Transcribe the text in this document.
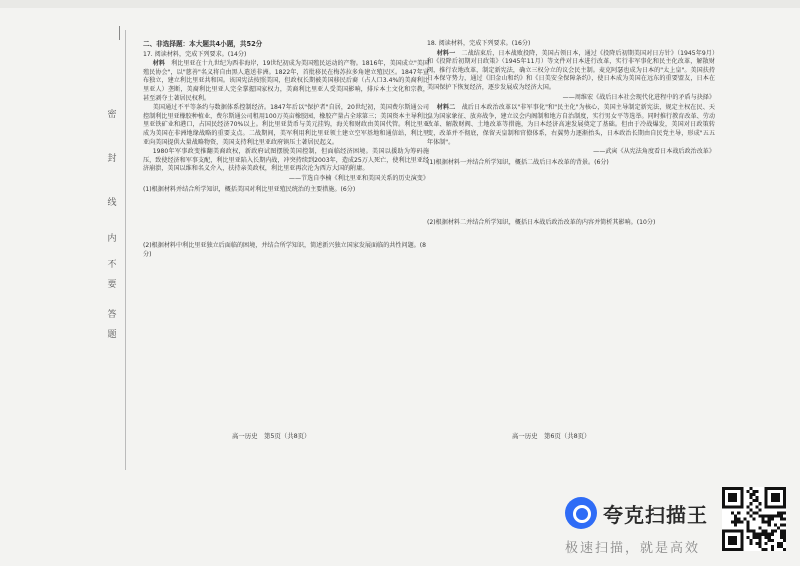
密
封
线
内
不
要
答
题
二、非选择题：本大题共4小题，共52分
17. 阅读材料，完成下列要求。(14分)

材料　 利比里亚在十九世纪为西非海岸，19世纪初成为美国殖民运动的产物。1816年，美国成立"美国殖民协会"，以"慈善"名义将自由黑人遣送非洲。1822年，首批移民在梅苏拉多角建立殖民区。1847年宣布独立，建立利比里亚共和国。该国宪法按照美国，但政权长期被美国移民后裔（占人口3.4%的美裔利比里亚人）垄断，美裔利比里亚人完全掌握国家权力，美裔利比里亚人受美国影响，排斥本土文化和宗教，甚至剥夺土著居民权利。

美国通过不平等条约与数据体系控制经济。1847年后以"保护者"自居，20世纪初，美国费尔斯通公司控制利比里亚橡胶种植业，费尔斯通公司租用100万英亩橡胶园，橡胶产量占全球第三；美国资本主导利比里亚铁矿业和港口，占国民经济70%以上。利比里亚货币与美元挂钩，海关和财政由美国代管。利比里亚成为美国在非洲地缘战略的重要支点。二战期间，美军利用利比里亚领土建立空军基地和通信站，利比里亚向美国提供大量战略物资，美国支持利比里亚政府镇压土著居民起义。

1980年军事政变推翻美裔政权，新政府试图摆脱美国控制，但面临经济困境。美国以援助为筹码施压，致使经济和军事支配，利比里亚陷入长期内战，冲突持续到2003年，造成25万人死亡，使利比里亚经济崩溃，美国以维和名义介入，扶持亲美政权，利比里亚再次沦为西方大国的附庸。

——节选自李楠《利比里亚和美国关系的历史演变》
(1)根据材料并结合所学知识，概括美国对利比里亚殖民统治的主要措施。(6分)
(2)根据材料中利比里亚独立后面临的困境，并结合所学知识，简述新兴独立国家发展面临的共性问题。(8分)
18. 阅读材料，完成下列要求。(16分)

材料一　 二战结束后，日本战败投降，美国占领日本，通过《投降后初期美国对日方针》（1945年9月）和《投降后初期对日政策》（1945年11月）等文件对日本进行改革，实行非军事化和民主化改革，解散财阀，推行农地改革，制定新宪法，确立三权分立的议会民主制。麦克阿瑟也成为日本的"太上皇"。美国扶持日本保守势力，通过《旧金山和约》和《日美安全保障条约》，使日本成为美国在远东的重要盟友，日本在美国保护下恢复经济，逐步发展成为经济大国。

——周维宏《战后日本社会现代化进程中的矛盾与抉择》

材料二　 战后日本政治改革以"非军事化"和"民主化"为核心，美国主导制定新宪法，规定主权在民、天皇为国家象征、放弃战争，建立议会内阁制和地方自治制度，实行男女平等选举。同时推行教育改革、劳动改革、解散财阀、土地改革等措施，为日本经济高速发展奠定了基础。但由于冷战爆发，美国对日政策转变，改革并不彻底，保留天皇制和官僚体系，右翼势力逐渐抬头，日本政治长期由自民党主导，形成"五五年体制"。

——武寅《从宪法角度看日本战后政治改革》
(1)根据材料一并结合所学知识，概括二战后日本改革的背景。(6分)
(2)根据材料二并结合所学知识，概括日本战后政治改革的内容并简析其影响。(10分)
高一历史　第5页（共8页）	高一历史　第6页（共8页）
夸克扫描王
极速扫描，就是高效
